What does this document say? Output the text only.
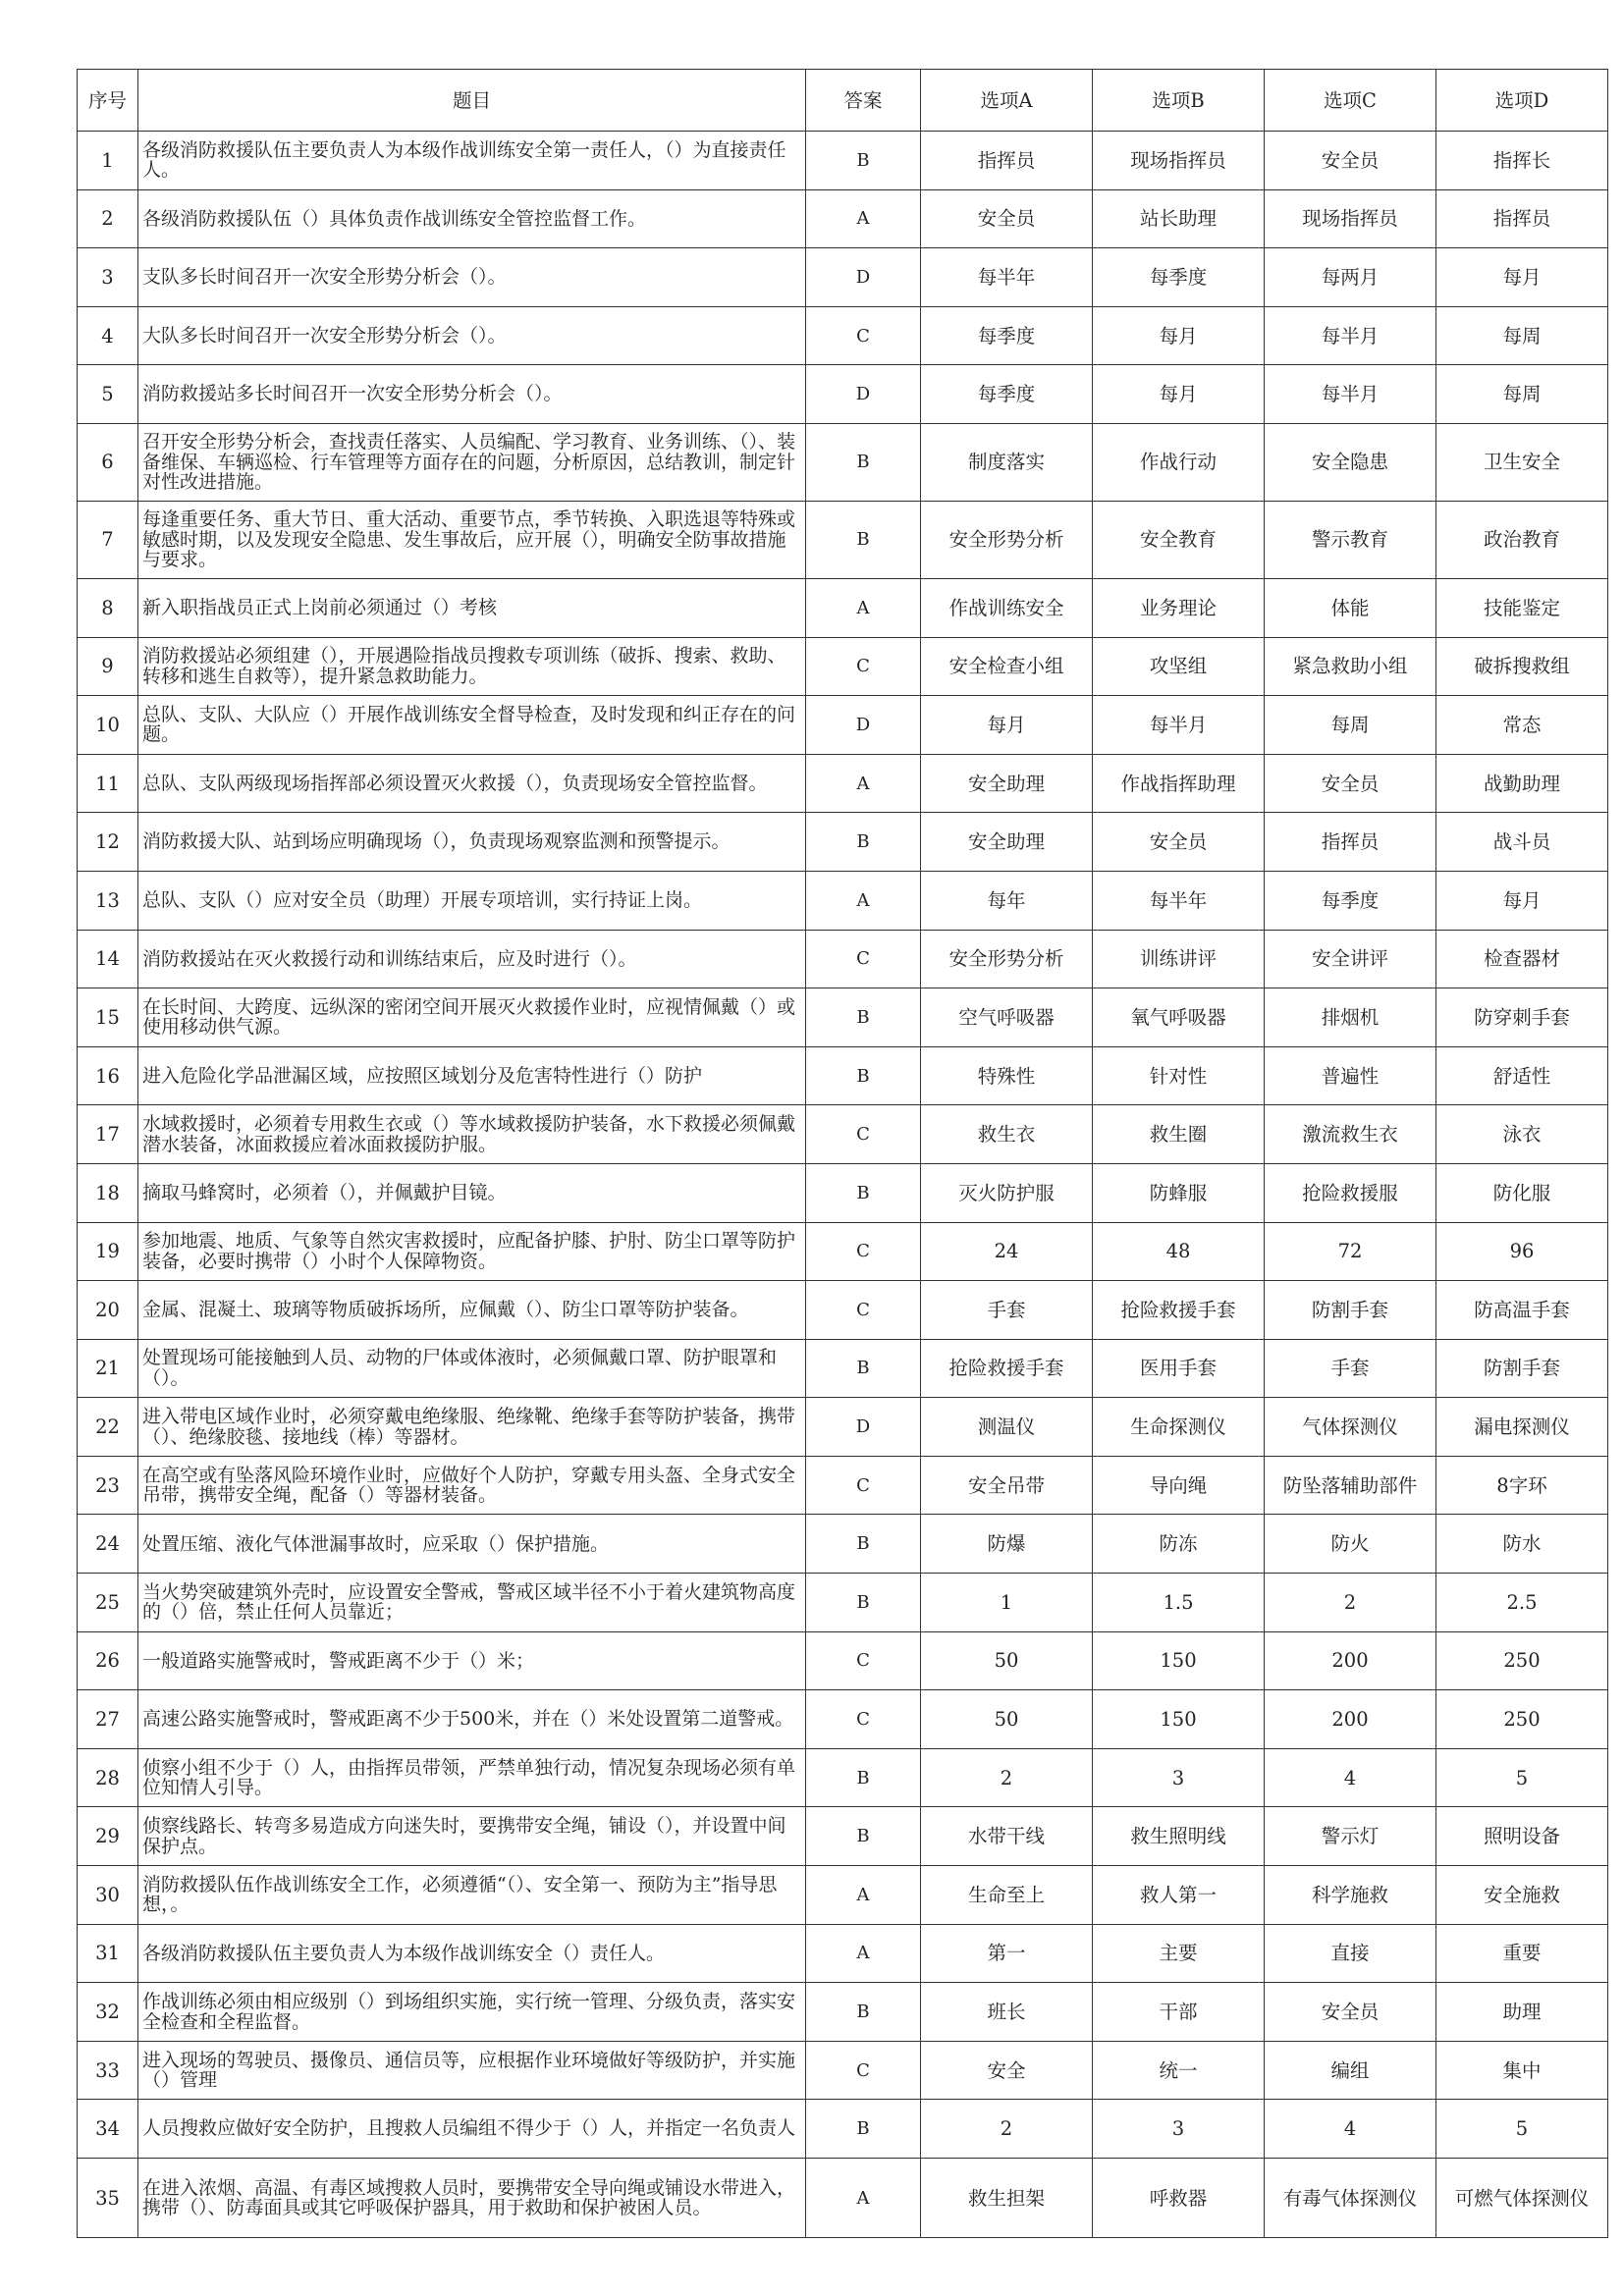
序号	题目	答案	选项A	选项B	选项C	选项D
1	各级消防救援队伍主要负责人为本级作战训练安全第一责任人，（）为直接责任人。	B	指挥员	现场指挥员	安全员	指挥长
2	各级消防救援队伍（）具体负责作战训练安全管控监督工作。	A	安全员	站长助理	现场指挥员	指挥员
3	支队多长时间召开一次安全形势分析会（）。	D	每半年	每季度	每两月	每月
4	大队多长时间召开一次安全形势分析会（）。	C	每季度	每月	每半月	每周
5	消防救援站多长时间召开一次安全形势分析会（）。	D	每季度	每月	每半月	每周
6	召开安全形势分析会，查找责任落实、人员编配、学习教育、业务训练、（）、装备维保、车辆巡检、行车管理等方面存在的问题，分析原因，总结教训，制定针对性改进措施。	B	制度落实	作战行动	安全隐患	卫生安全
7	每逢重要任务、重大节日、重大活动、重要节点，季节转换、入职选退等特殊或敏感时期，以及发现安全隐患、发生事故后，应开展（），明确安全防事故措施与要求。	B	安全形势分析	安全教育	警示教育	政治教育
8	新入职指战员正式上岗前必须通过（）考核	A	作战训练安全	业务理论	体能	技能鉴定
9	消防救援站必须组建（），开展遇险指战员搜救专项训练（破拆、搜索、救助、转移和逃生自救等），提升紧急救助能力。	C	安全检查小组	攻坚组	紧急救助小组	破拆搜救组
10	总队、支队、大队应（）开展作战训练安全督导检查，及时发现和纠正存在的问题。	D	每月	每半月	每周	常态
11	总队、支队两级现场指挥部必须设置灭火救援（），负责现场安全管控监督。	A	安全助理	作战指挥助理	安全员	战勤助理
12	消防救援大队、站到场应明确现场（），负责现场观察监测和预警提示。	B	安全助理	安全员	指挥员	战斗员
13	总队、支队（）应对安全员（助理）开展专项培训，实行持证上岗。	A	每年	每半年	每季度	每月
14	消防救援站在灭火救援行动和训练结束后，应及时进行（）。	C	安全形势分析	训练讲评	安全讲评	检查器材
15	在长时间、大跨度、远纵深的密闭空间开展灭火救援作业时，应视情佩戴（）或使用移动供气源。	B	空气呼吸器	氧气呼吸器	排烟机	防穿刺手套
16	进入危险化学品泄漏区域，应按照区域划分及危害特性进行（）防护	B	特殊性	针对性	普遍性	舒适性
17	水域救援时，必须着专用救生衣或（）等水域救援防护装备，水下救援必须佩戴潜水装备，冰面救援应着冰面救援防护服。	C	救生衣	救生圈	激流救生衣	泳衣
18	摘取马蜂窝时，必须着（），并佩戴护目镜。	B	灭火防护服	防蜂服	抢险救援服	防化服
19	参加地震、地质、气象等自然灾害救援时，应配备护膝、护肘、防尘口罩等防护装备，必要时携带（）小时个人保障物资。	C	24	48	72	96
20	金属、混凝土、玻璃等物质破拆场所，应佩戴（）、防尘口罩等防护装备。	C	手套	抢险救援手套	防割手套	防高温手套
21	处置现场可能接触到人员、动物的尸体或体液时，必须佩戴口罩、防护眼罩和（）。	B	抢险救援手套	医用手套	手套	防割手套
22	进入带电区域作业时，必须穿戴电绝缘服、绝缘靴、绝缘手套等防护装备，携带（）、绝缘胶毯、接地线（棒）等器材。	D	测温仪	生命探测仪	气体探测仪	漏电探测仪
23	在高空或有坠落风险环境作业时，应做好个人防护，穿戴专用头盔、全身式安全吊带，携带安全绳，配备（）等器材装备。	C	安全吊带	导向绳	防坠落辅助部件	8字环
24	处置压缩、液化气体泄漏事故时，应采取（）保护措施。	B	防爆	防冻	防火	防水
25	当火势突破建筑外壳时，应设置安全警戒，警戒区域半径不小于着火建筑物高度的（）倍，禁止任何人员靠近；	B	1	1.5	2	2.5
26	一般道路实施警戒时，警戒距离不少于（）米；	C	50	150	200	250
27	高速公路实施警戒时，警戒距离不少于500米，并在（）米处设置第二道警戒。	C	50	150	200	250
28	侦察小组不少于（）人，由指挥员带领，严禁单独行动，情况复杂现场必须有单位知情人引导。	B	2	3	4	5
29	侦察线路长、转弯多易造成方向迷失时，要携带安全绳，铺设（），并设置中间保护点。	B	水带干线	救生照明线	警示灯	照明设备
30	消防救援队伍作战训练安全工作，必须遵循“（）、安全第一、预防为主”指导思想，。	A	生命至上	救人第一	科学施救	安全施救
31	各级消防救援队伍主要负责人为本级作战训练安全（）责任人。	A	第一	主要	直接	重要
32	作战训练必须由相应级别（）到场组织实施，实行统一管理、分级负责，落实安全检查和全程监督。	B	班长	干部	安全员	助理
33	进入现场的驾驶员、摄像员、通信员等，应根据作业环境做好等级防护，并实施（）管理	C	安全	统一	编组	集中
34	人员搜救应做好安全防护，且搜救人员编组不得少于（）人，并指定一名负责人	B	2	3	4	5
35	在进入浓烟、高温、有毒区域搜救人员时，要携带安全导向绳或铺设水带进入，携带（）、防毒面具或其它呼吸保护器具，用于救助和保护被困人员。	A	救生担架	呼救器	有毒气体探测仪	可燃气体探测仪
